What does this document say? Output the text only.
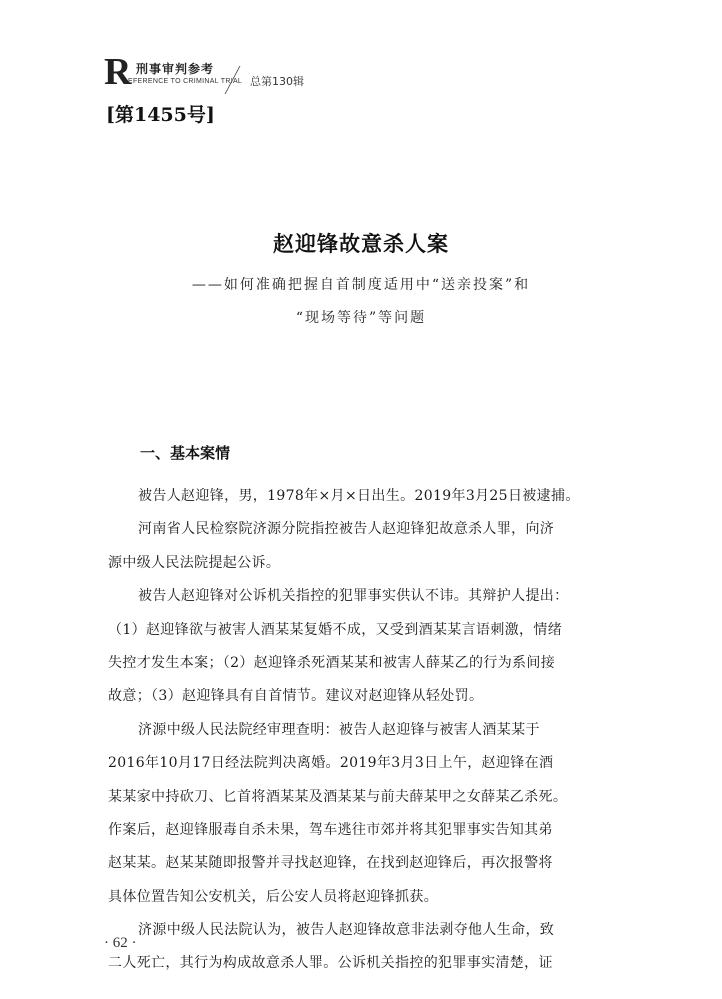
R 刑事审判参考
EFERENCE TO CRIMINAL TRIAL 总第130辑
[第1455号]
赵迎锋故意杀人案
——如何准确把握自首制度适用中“送亲投案”和
“现场等待”等问题
一、基本案情
被告人赵迎锋，男，1978年×月×日出生。2019年3月25日被逮捕。
河南省人民检察院济源分院指控被告人赵迎锋犯故意杀人罪，向济
源中级人民法院提起公诉。
被告人赵迎锋对公诉机关指控的犯罪事实供认不讳。其辩护人提出：
（1）赵迎锋欲与被害人酒某某复婚不成，又受到酒某某言语刺激，情绪
失控才发生本案；（2）赵迎锋杀死酒某某和被害人薛某乙的行为系间接
故意；（3）赵迎锋具有自首情节。建议对赵迎锋从轻处罚。
济源中级人民法院经审理查明：被告人赵迎锋与被害人酒某某于
2016年10月17日经法院判决离婚。2019年3月3日上午，赵迎锋在酒
某某家中持砍刀、匕首将酒某某及酒某某与前夫薛某甲之女薛某乙杀死。
作案后，赵迎锋服毒自杀未果，驾车逃往市郊并将其犯罪事实告知其弟
赵某某。赵某某随即报警并寻找赵迎锋，在找到赵迎锋后，再次报警将
具体位置告知公安机关，后公安人员将赵迎锋抓获。
济源中级人民法院认为，被告人赵迎锋故意非法剥夺他人生命，致
二人死亡，其行为构成故意杀人罪。公诉机关指控的犯罪事实清楚，证
· 62 ·
